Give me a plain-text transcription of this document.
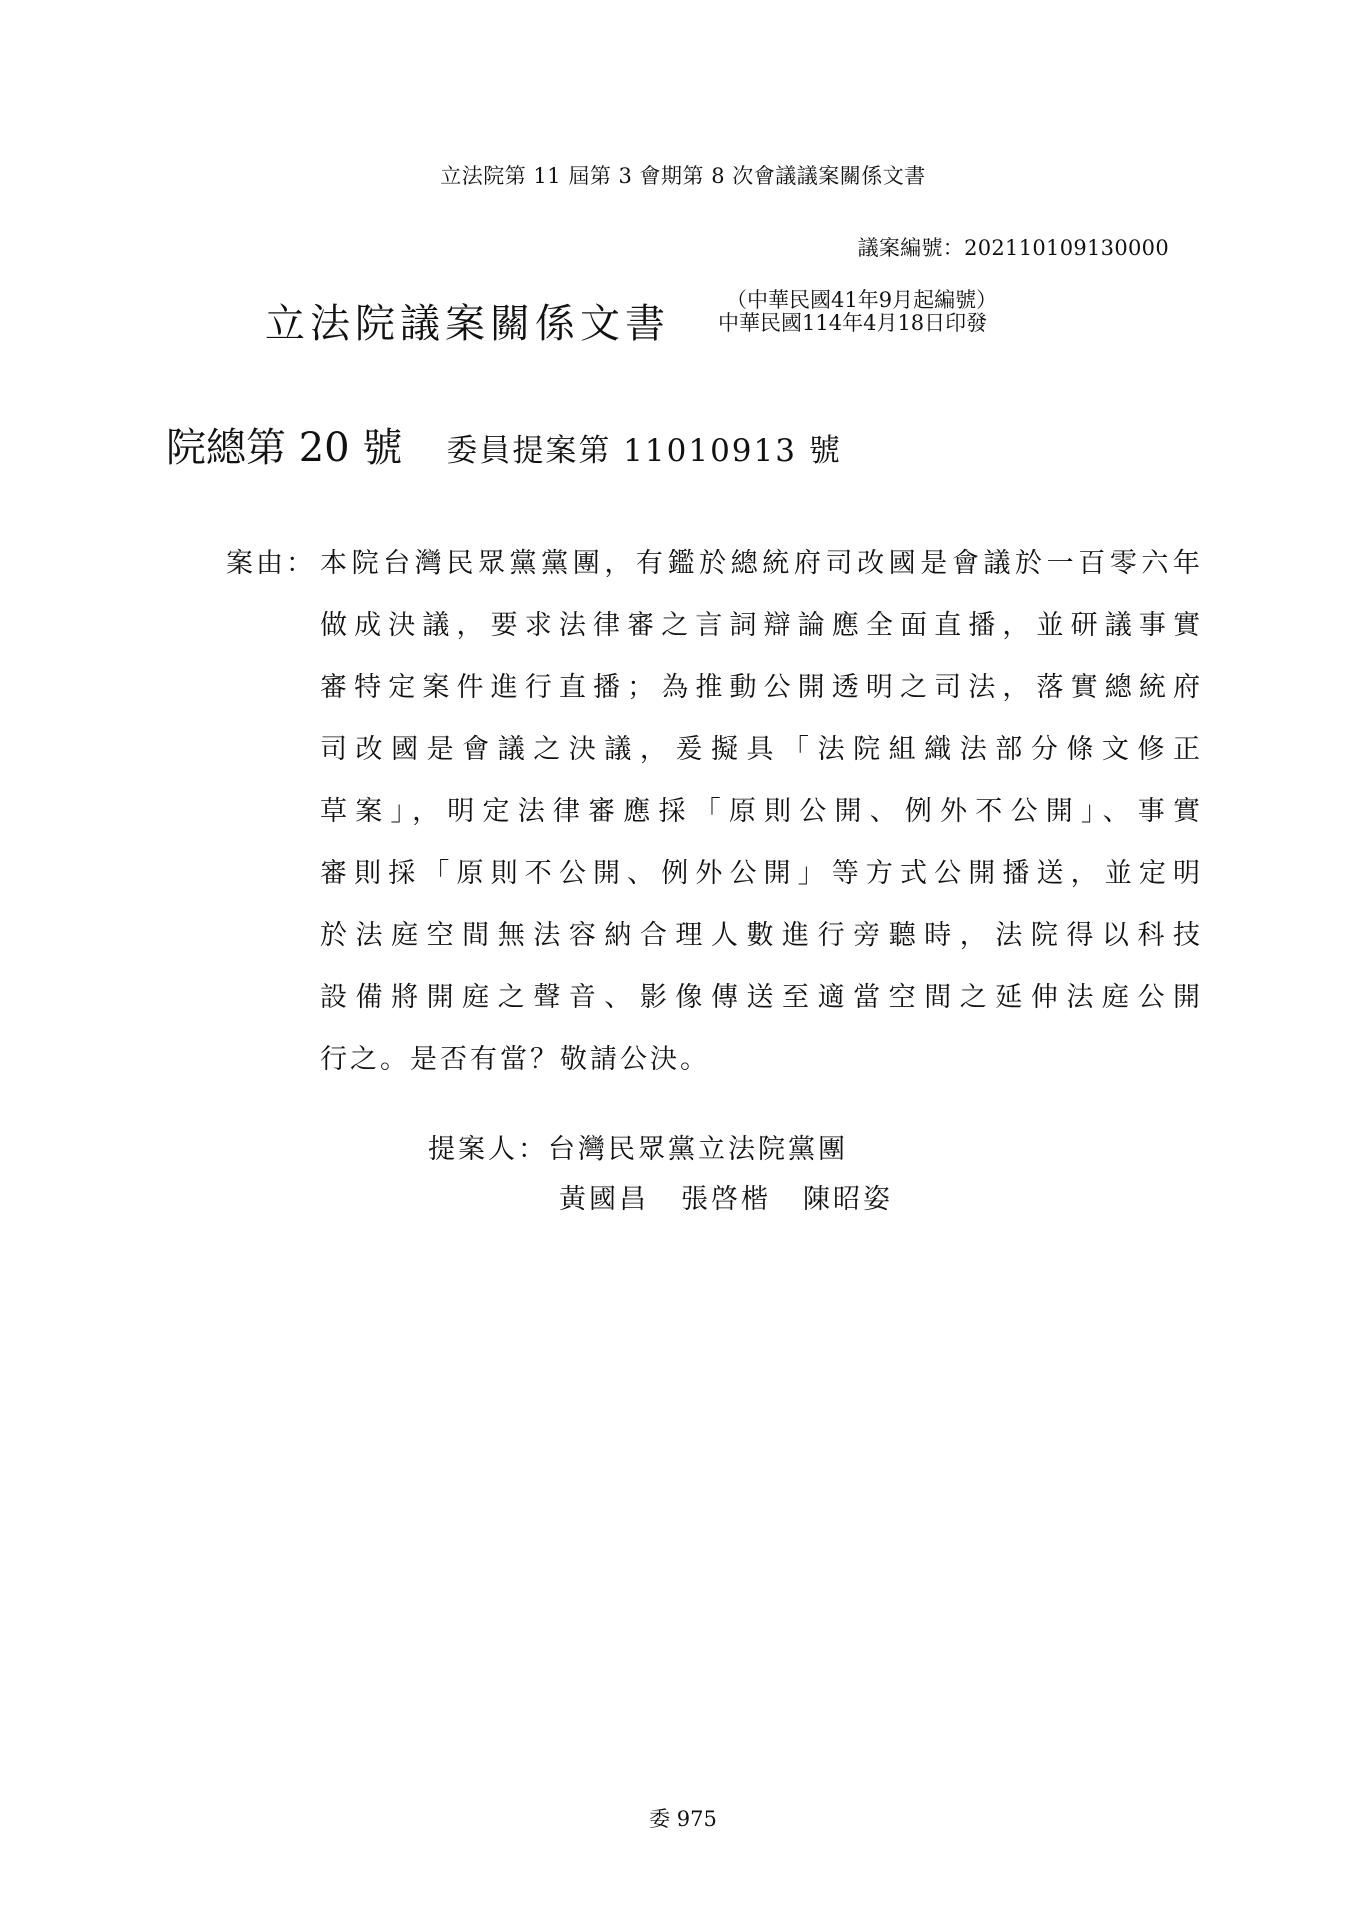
立法院第 11 屆第 3 會期第 8 次會議議案關係文書
議案編號：202110109130000
立法院議案關係文書
（中華民國41年9月起編號）
中華民國114年4月18日印發
院總第 20 號 委員提案第 11010913 號
案由： 本院台灣民眾黨黨團，有鑑於總統府司改國是會議於一百零六年
做成決議，要求法律審之言詞辯論應全面直播，並研議事實
審特定案件進行直播；為推動公開透明之司法，落實總統府
司改國是會議之決議，爰擬具「法院組織法部分條文修正
草案」，明定法律審應採「原則公開、例外不公開」、事實
審則採「原則不公開、例外公開」等方式公開播送，並定明
於法庭空間無法容納合理人數進行旁聽時，法院得以科技
設備將開庭之聲音、影像傳送至適當空間之延伸法庭公開
行之。是否有當？敬請公決。
提案人：台灣民眾黨立法院黨團
黃國昌 張啓楷 陳昭姿
委 975
